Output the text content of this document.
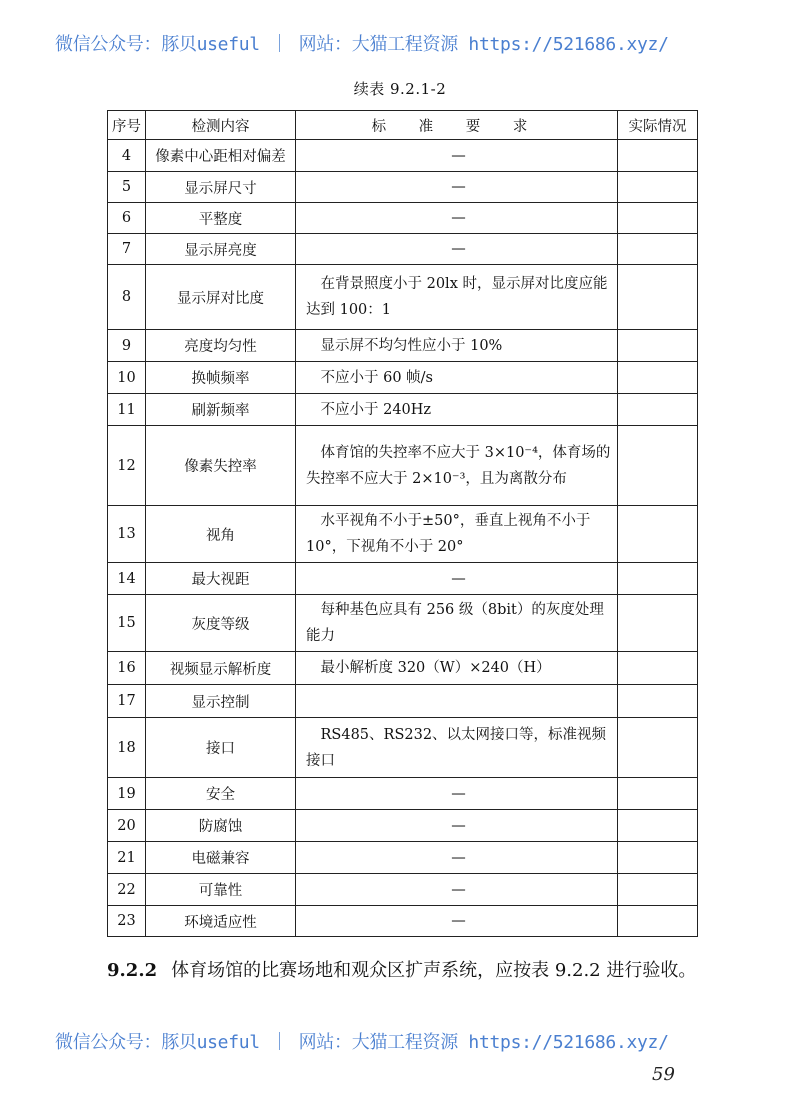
微信公众号：豚贝useful ｜ 网站：大猫工程资源 https://521686.xyz/
续表 9.2.1-2
序号	检测内容	标 准 要 求	实际情况
4	像素中心距相对偏差	—	
5	显示屏尺寸	—	
6	平整度	—	
7	显示屏亮度	—	
8	显示屏对比度	　在背景照度小于 20lx 时，显示屏对比度应能达到 100：1	
9	亮度均匀性	　显示屏不均匀性应小于 10%	
10	换帧频率	　不应小于 60 帧/s	
11	刷新频率	　不应小于 240Hz	
12	像素失控率	　体育馆的失控率不应大于 3×10⁻⁴，体育场的失控率不应大于 2×10⁻³，且为离散分布	
13	视角	　水平视角不小于±50°，垂直上视角不小于 10°，下视角不小于 20°	
14	最大视距	—	
15	灰度等级	　每种基色应具有 256 级（8bit）的灰度处理能力	
16	视频显示解析度	　最小解析度 320（W）×240（H）	
17	显示控制		
18	接口	　RS485、RS232、以太网接口等，标准视频接口	
19	安全	—	
20	防腐蚀	—	
21	电磁兼容	—	
22	可靠性	—	
23	环境适应性	—	
9.2.2 体育场馆的比赛场地和观众区扩声系统，应按表 9.2.2 进行验收。
微信公众号：豚贝useful ｜ 网站：大猫工程资源 https://521686.xyz/
59
